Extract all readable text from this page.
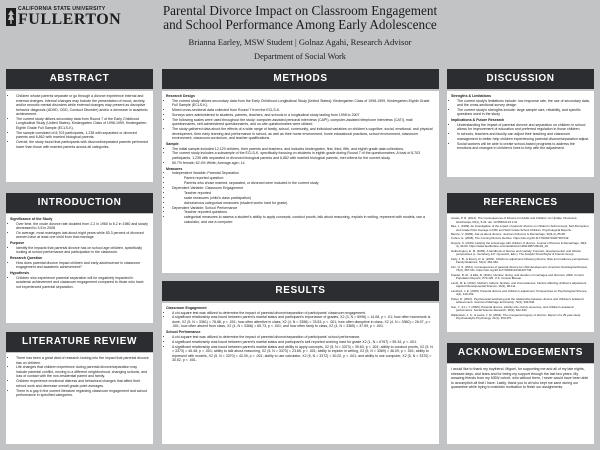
CALIFORNIA STATE UNIVERSITY
FULLERTON
Parental Divorce Impact on Classroom Engagement
and School Performance Among Early Adolescence
Brianna Earley, MSW Student | Golnaz Agahi, Research Advisor
Department of Social Work
ABSTRACT
• Children whose parents separate or go through a divorce experience internal and external changes. Internal changes may include the presentation of mood, anxiety, and/or neurotic mental disorders while external changes may present as disruptive behavior diagnosis (ADHD, ODD, Conduct Disorder) and/or a decrease in academic achievement.
• The current study utilizes secondary data from Round 7 of the Early Childhood Longitudinal Study (United States): Kindergarten Class of 1998-1999, Kindergarten-Eighth Grade Full Sample (ECLS-K).
• The sample consisted of 8,703 participants, 1,235 with separated or divorced parents and 6,862 with married biological parents.
• Overall, the study found that participants with divorced/separated parents performed lower than those with married parents across all categories.
INTRODUCTION
Significance of the Study
• Over time, the crude divorce rate doubled from 2.2 in 1960 to 5.2 in 1980 and slowly decreased to 3.5 in 2008
• On average, most marriages last about eight years while 83.3 percent of divorced women have at least one child from that marriage
Purpose
• Identify the impacts that parental divorce has on school age children, specifically looking at school performance and participation in the classroom.
Research Question
• How does parental divorce impact children and early adolescence in classroom engagement and academic achievement?
Hypothesis
• Children who experience parental separation will be negatively impacted in academic achievement and classroom engagement compared to those who have not experienced parental separation.
LITERATURE REVIEW
• There has been a great deal of research looking into the impact that parental divorce has on children.
• Life changes that children experience during parental divorce/separation may include parental conflict, moving to a different neighborhood, changing schools, and loss of contact with the non-residential parent and family.
• Children experience emotional distress and behavioral changes that affect their school work and decrease overall grade point averages.
• There is a gap in the current literature regarding classroom engagement and school performance in specified categories.
METHODS
Research Design
• The current study utilizes secondary data from the Early Childhood Longitudinal Study [United States]: Kindergarten Class of 1998-1999, Kindergarten-Eighth Grade Full Sample (ECLS-K).
• Mixed cross-sectional data collected from Round 7 from the ECLS-K.
• Surveys were administered to students, parents, teachers, and schools in a longitudinal study lasting from 1998 to 2007
• The following scales were used throughout the study: computer-assisted personal interviews (CAPI), computer-assisted telephone interviews (CATI), mail questionnaires, self-administered questionnaires, and on-site questionnaires were utilized
• The study gathered data about the effects of a wide range of family, school, community, and individual variables on children's cognitive, social, emotional, and physical development, their early learning and performance in school, as well as their home environment, home educational practices, school environment, classroom environment, classroom curriculum, and teacher qualifications.
Sample
• The initial sample included 12,129 children, their parents and teachers, and includes kindergarten, first, third, fifth, and eighth grade data collections.
• The current study includes a subsample of the ECLS-K, specifically focusing on students in eighth grade during Round 7 of the questionnaires. A total of 8,703 participants, 1,235 with separated or divorced biological parents and 6,862 with married biological parents, met criteria for the current study.
• 50.7% female; 62.4% White; Average age= 14
Measures
• Independent Variable: Parental Separation
• Parent reported question:
• Parents who chose married, separated, or divorced were included in the current study
• Dependent Variable: Classroom Engagement
• Teacher reported
• scale measures (child's class participation)
• dichotomous categorical measures (student works hard for grade).
• Dependent Variable: School Performance
• Teacher reported questions
• categorical measures to assess a student's ability to apply concepts, conduct proofs, talk about reasoning, explain in writing, represent with models, use a calculator, and use a computer.
RESULTS
Classroom Engagement
• A chi-square test was utilized to determine the impact of parental divorce/separation of participants' classroom engagement.
• A significant relationship was found between parent's marital status and participant's importance of grades, X2 (3, N = 6996) = 14.08, p < .01; how often homework is done, X2 (5, N = 3361) = 78.88, p < .001; how often attentive in class, X2 (4, N = 3356) = 78.53, p < .001; how often disruptive in class, X2 (4, N = 3360) = 26.97, p < .001; how often absent from class, X2 (4, N = 3366) = 65.73, p < .001; and how often tardy to class, X2 (4, N = 3365) = 37.59, p < .001.
School Performance
• A chi-square test was utilized to determine the impact of parental divorce/separation of participants' school performance.
• A significant relationship was found between parent's marital status and participant's self-reported working hard for grade X2 (1, N = 6767) = 55.34, p < .001.
• A significant relationship was found between parent's marital status and ability to apply concepts, X2 (5, N = 3373) = 39.63, p < .001; ability to conduct proofs, X2 (5, N = 3373) = 46.48, p < .001; ability to talk about reasoning, X2 (5, N = 3373) = 23.65, p < .001; ability to explain in writing, X2 (5, N = 3369) = 46.09, p < .001; ability to represent with models, X2 (5, N = 3370) = 43.39, p < .001; ability to use calculator, X2 (5, N = 3372) = 30.02, p < .001; and ability to use computer, X2 (5, N = 3370) = 30.52, p < .001.
DISCUSSION
Strengths & Limitations
• The current study's limitations include: low response rate, the use of secondary data, and the cross-sectional survey design
• The current study's strengths include: large sample size, reliability, and specific questions used in the study
Implications & Future Research
• Understanding the impact of parental divorce and separation on children in school allows for improvement of education and preferred regulation in those children.
• In schools, teachers and faculty can adjust their teaching and classroom management to better help children experiencing parental divorce/separation adjust.
• Social workers will be able to create school-based programs to address the emotions and changes in children's lives to help with the adjustment.
REFERENCES

Amato, P. R. (2014). The Consequences of Divorce for Adults and Children: An Update. Drustvena Istrazivanja, 23(1), 5-24. doi: 10.5559/di.23.1.01

Bee, J. (1999). An investigation of the impact of parents' divorce on children's Self-Concept, Self-Perception, and Grade Point Average in Fifth and Sixth Grade School Children. Psychological Reports.

Benzie, V. (1999). Ask us about divorce. Journal of Divorce & Remarriage, 30(3-4), 85-98.

Cohen, G. (2008). The Coming Divorce Decline. https://doi.org/10.1177/0002716207307249

Dupont, S. (2019). Helping the school-age with children of divorce. Journal of Divorce & Remarriage, 39(3-4), 43-62. https://www.tandfonline.com/doi/abs/10.1300/J087v39n03_03

Hetherington, E. M. (2009). A handbook of divorce and custody: Forensic, developmental, and clinical perspectives (L. Gunsberg & P. Hymowitz, Eds.). The Analytic Press/Taylor & Francis Group.

Kelly, J. B., & Emery, R. E. (2003). Children's adjustment following divorce: Risk and resilience perspectives. Family Relations, 52(4), 352-362.

Kim, H. S. (2011). Consequences of parental divorce for child development. American Sociological Review, 76(3), 487-511. https://doi.org/10.1177/0003122411407748

Kreider, R. M., & Ellis, R. (2011). Number, timing, and duration of marriages and divorces: 2009. Current Population Reports, P70-125. U.S. Census Bureau.

Lamb, M. E. (2012). Mothers, fathers, families, and circumstances: Factors affecting children's adjustment. Applied Developmental Science, 16(2), 98-111.

Lansford, J. E. (2009). Parental divorce and children's adjustment. Perspectives on Psychological Science, 4(2), 140-152.

Potter, D. (2010). Psychosocial well-being and the relationship between divorce and children's academic achievement. Journal of Marriage and Family, 72(4), 933-946.

Sun, Y., & Li, Y. (2009). Parental divorce, sibship size, family resources, and children's academic performance. Social Science Research, 38(3), 622-634.

Wallerstein, J. S., & Lewis, J. M. (2004). The unexpected legacy of divorce: Report of a 25-year study. Psychoanalytic Psychology, 21(3), 353-370.

ACKNOWLEDGEMENTS

I would like to thank my boyfriend, Miguel, for supporting me and all of my late nights, stressed days, and tears and for being my support through the last two years. My amazing friends from my MSW cohort, who without them, I never would have been able to accomplish all that I have. Lastly, thank you to all who kept me sane during our quarantine while trying to maintain motivation to finish our assignments.
